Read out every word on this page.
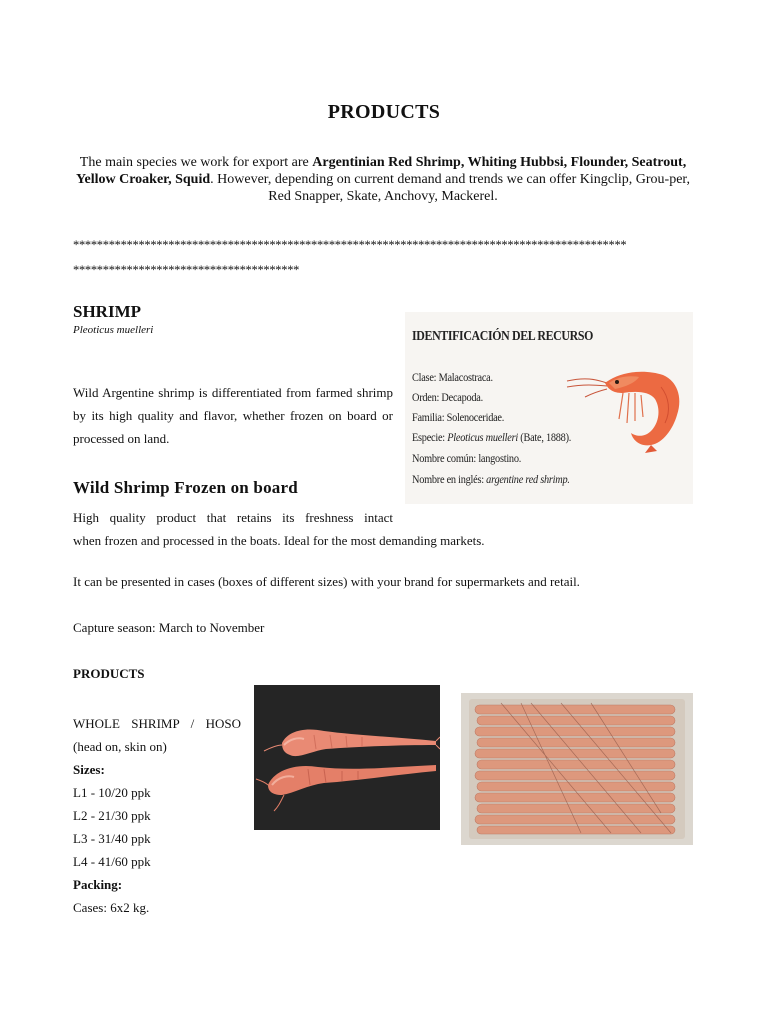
PRODUCTS
The main species we work for export are Argentinian Red Shrimp, Whiting Hubbsi, Flounder, Seatrout, Yellow Croaker, Squid. However, depending on current demand and trends we can offer Kingclip, Grou-per, Red Snapper, Skate, Anchovy, Mackerel.
*********************************************************************************************
**************************************
SHRIMP
Pleoticus muelleri
Wild Argentine shrimp is differentiated from farmed shrimp by its high quality and flavor, whether frozen on board or processed on land.
IDENTIFICACIÓN DEL RECURSO
Clase: Malacostraca.
Orden: Decapoda.
Familia: Solenoceridae.
Especie: Pleoticus muelleri (Bate, 1888).
Nombre común: langostino.
Nombre en inglés: argentine red shrimp.
Wild Shrimp Frozen on board
High quality product that retains its freshness intact
when frozen and processed in the boats. Ideal for the most demanding markets.
It can be presented in cases (boxes of different sizes) with your brand for supermarkets and retail.
Capture season: March to November
PRODUCTS
WHOLE SHRIMP / HOSO
(head on, skin on)
Sizes:
L1 - 10/20 ppk
L2 - 21/30 ppk
L3 - 31/40 ppk
L4 - 41/60 ppk
Packing:
Cases: 6x2 kg.
